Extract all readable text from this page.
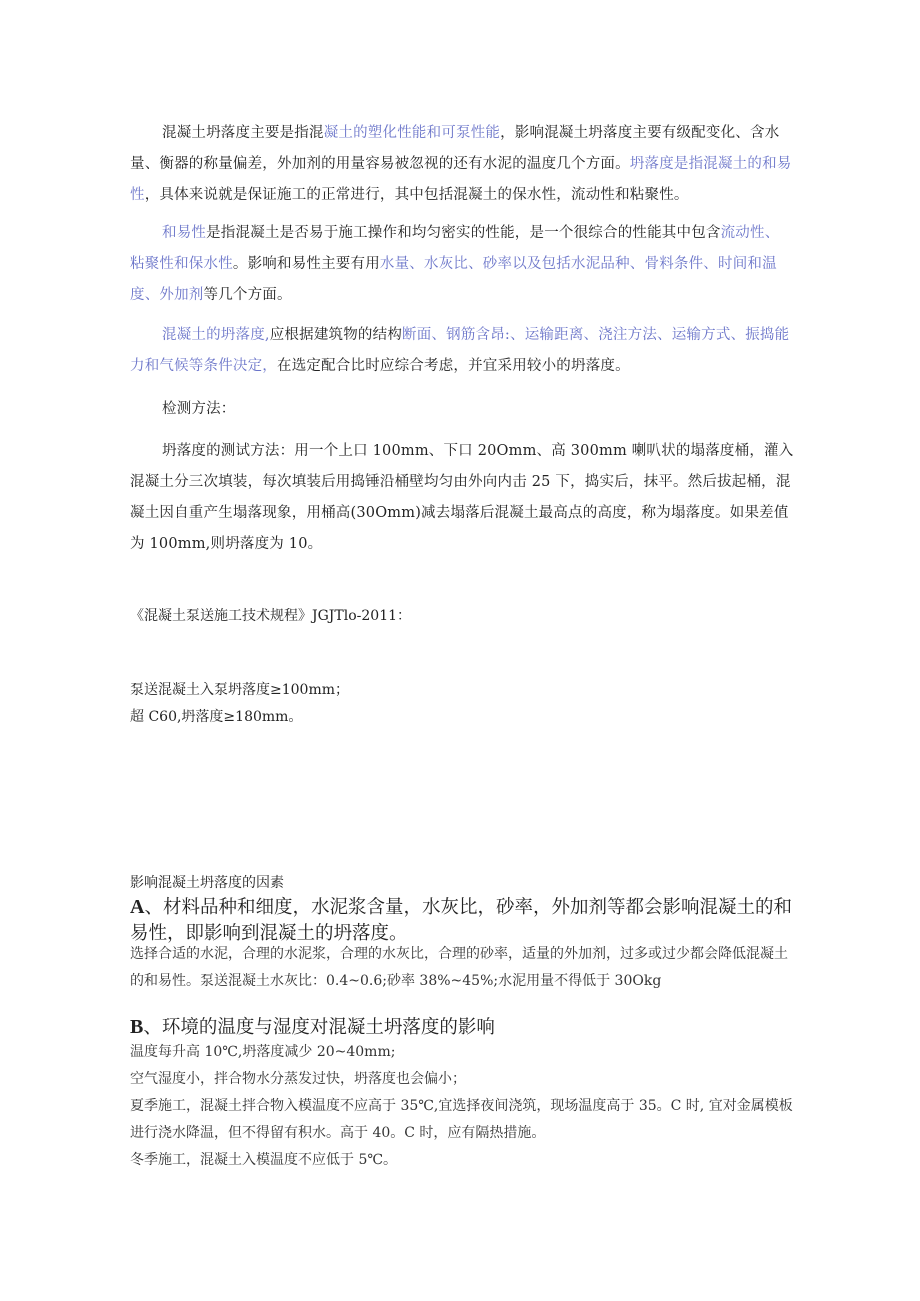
混凝土坍落度主要是指混凝土的塑化性能和可泵性能，影响混凝土坍落度主要有级配变化、含水量、衡器的称量偏差，外加剂的用量容易被忽视的还有水泥的温度几个方面。坍落度是指混凝土的和易性，具体来说就是保证施工的正常进行，其中包括混凝土的保水性，流动性和粘聚性。
和易性是指混凝土是否易于施工操作和均匀密实的性能，是一个很综合的性能其中包含流动性、粘聚性和保水性。影响和易性主要有用水量、水灰比、砂率以及包括水泥品种、骨料条件、时间和温度、外加剂等几个方面。
混凝土的坍落度,应根据建筑物的结构断面、钢筋含昂:、运输距离、浇注方法、运输方式、振捣能力和气候等条件决定，在选定配合比时应综合考虑，并宜采用较小的坍落度。
检测方法：
坍落度的测试方法：用一个上口 100mm、下口 20Omm、高 300mm 喇叭状的塌落度桶，灌入混凝土分三次填装，每次填装后用捣锤沿桶壁均匀由外向内击 25 下，捣实后，抹平。然后拔起桶，混凝土因自重产生塌落现象，用桶高(30Omm)减去塌落后混凝土最高点的高度，称为塌落度。如果差值为 100mm,则坍落度为 10。
《混凝土泵送施工技术规程》JGJTlo-2011：
泵送混凝土入泵坍落度≥100mm；
超 C60,坍落度≥180mm。
影响混凝土坍落度的因素
A、材料品种和细度，水泥浆含量，水灰比，砂率，外加剂等都会影响混凝土的和易性，即影响到混凝土的坍落度。
选择合适的水泥，合理的水泥浆，合理的水灰比，合理的砂率，适量的外加剂，过多或过少都会降低混凝土的和易性。泵送混凝土水灰比：0.4~0.6;砂率 38%~45%;水泥用量不得低于 30Okg
B、环境的温度与湿度对混凝土坍落度的影响
温度每升高 10℃,坍落度减少 20~40mm;
空气湿度小，拌合物水分蒸发过快，坍落度也会偏小；
夏季施工，混凝土拌合物入模温度不应高于 35℃,宜选择夜间浇筑，现场温度高于 35。C 时, 宜对金属模板进行浇水降温，但不得留有积水。高于 40。C 时，应有隔热措施。
冬季施工，混凝土入模温度不应低于 5℃。
